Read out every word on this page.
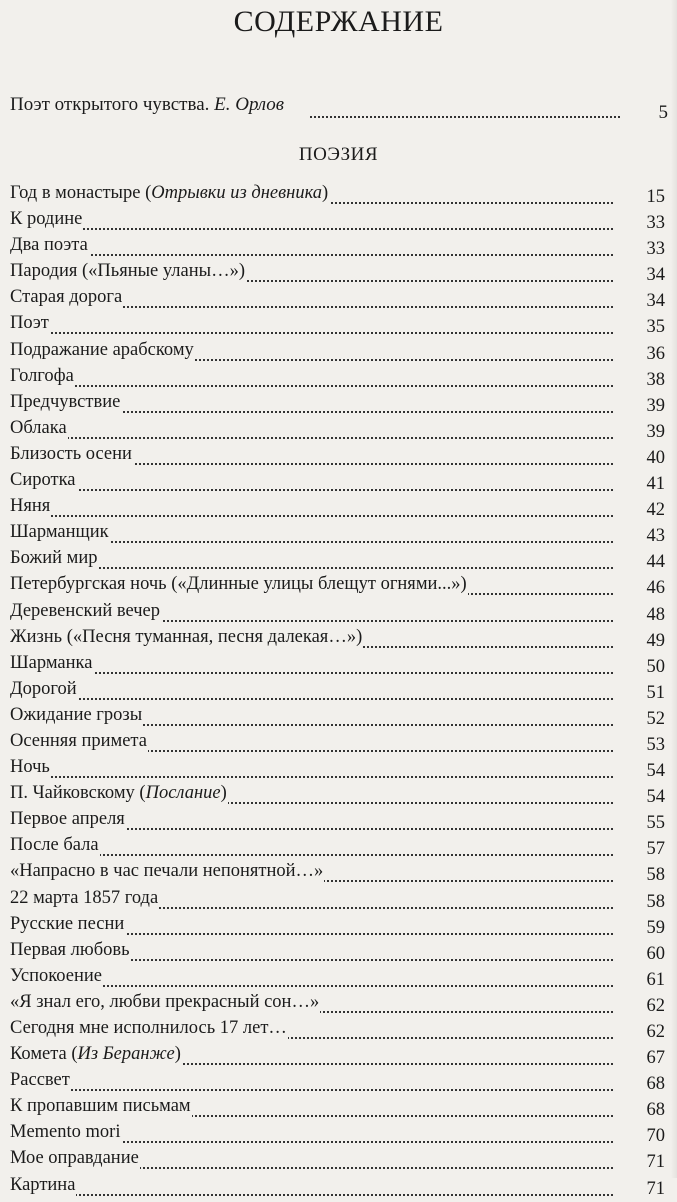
СОДЕРЖАНИЕ
Поэт открытого чувства. Е. Орлов	5
ПОЭЗИЯ
Год в монастыре (Отрывки из дневника)	15
К родине	33
Два поэта	33
Пародия («Пьяные уланы…»)	34
Старая дорога	34
Поэт	35
Подражание арабскому	36
Голгофа	38
Предчувствие	39
Облака	39
Близость осени	40
Сиротка	41
Няня	42
Шарманщик	43
Божий мир	44
Петербургская ночь («Длинные улицы блещут огнями...»)	46
Деревенский вечер	48
Жизнь («Песня туманная, песня далекая…»)	49
Шарманка	50
Дорогой	51
Ожидание грозы	52
Осенняя примета	53
Ночь	54
П. Чайковскому (Послание)	54
Первое апреля	55
После бала	57
«Напрасно в час печали непонятной…»	58
22 марта 1857 года	58
Русские песни	59
Первая любовь	60
Успокоение	61
«Я знал его, любви прекрасный сон…»	62
Сегодня мне исполнилось 17 лет…	62
Комета (Из Беранже)	67
Рассвет	68
К пропавшим письмам	68
Memento mori	70
Мое оправдание	71
Картина	71
